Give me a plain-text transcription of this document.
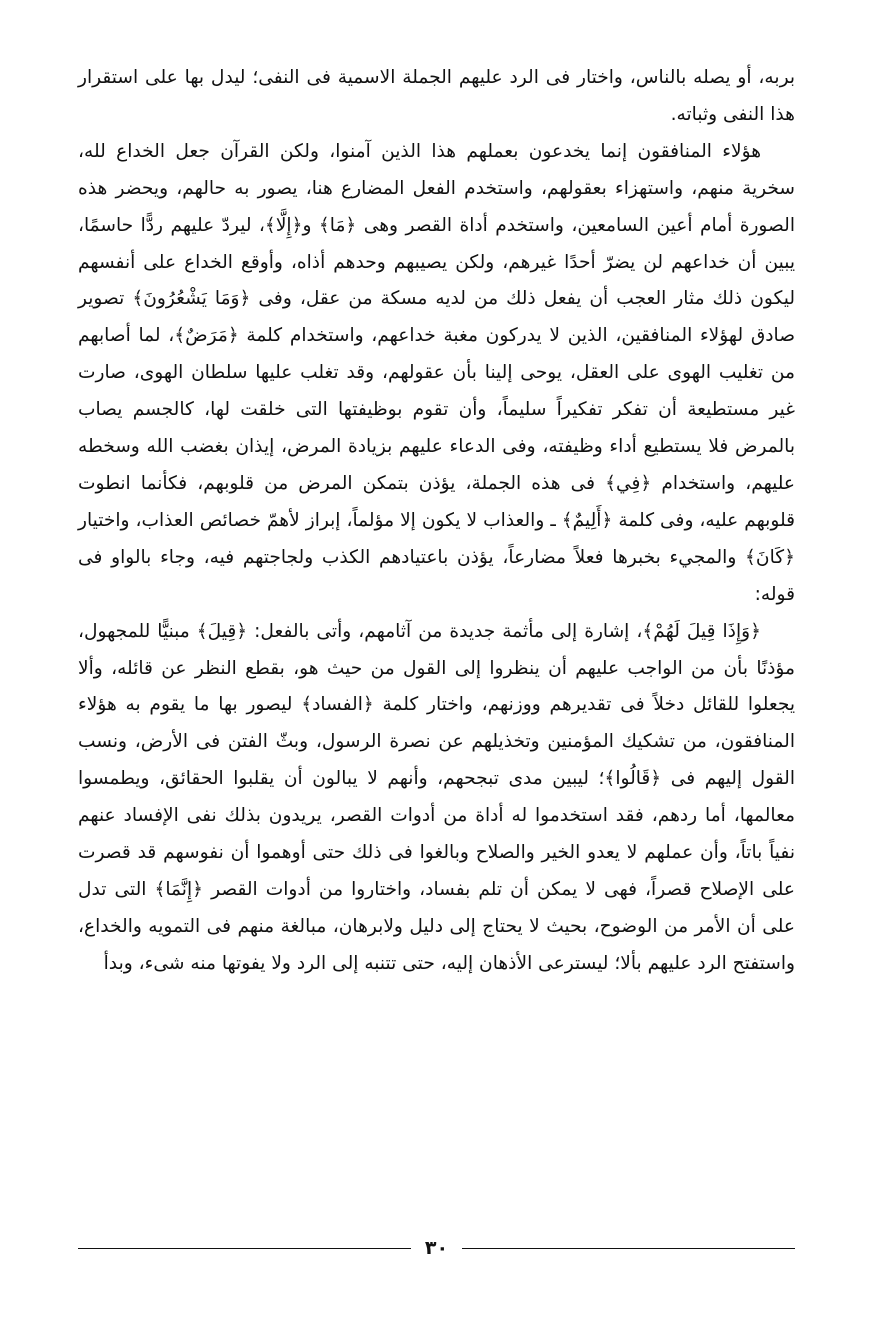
بربه، أو يصله بالناس، واختار فى الرد عليهم الجملة الاسمية فى النفى؛ ليدل بها على استقرار هذا النفى وثباته.

هؤلاء المنافقون إنما يخدعون بعملهم هذا الذين آمنوا، ولكن القرآن جعل الخداع لله، سخرية منهم، واستهزاء بعقولهم، واستخدم الفعل المضارع هنا، يصور به حالهم، ويحضر هذه الصورة أمام أعين السامعين، واستخدم أداة القصر وهى ﴿مَا﴾ و﴿إِلَّا﴾، ليردّ عليهم ردًّا حاسمًا، يبين أن خداعهم لن يضرّ أحدًا غيرهم، ولكن يصيبهم وحدهم أذاه، وأوقع الخداع على أنفسهم ليكون ذلك مثار العجب أن يفعل ذلك من لديه مسكة من عقل، وفى ﴿وَمَا يَشْعُرُونَ﴾ تصوير صادق لهؤلاء المنافقين، الذين لا يدركون مغبة خداعهم، واستخدام كلمة ﴿مَرَضٌ﴾، لما أصابهم من تغليب الهوى على العقل، يوحى إلينا بأن عقولهم، وقد تغلب عليها سلطان الهوى، صارت غير مستطيعة أن تفكر تفكيراً سليماً، وأن تقوم بوظيفتها التى خلقت لها، كالجسم يصاب بالمرض فلا يستطيع أداء وظيفته، وفى الدعاء عليهم بزيادة المرض، إيذان بغضب الله وسخطه عليهم، واستخدام ﴿فِي﴾ فى هذه الجملة، يؤذن بتمكن المرض من قلوبهم، فكأنما انطوت قلوبهم عليه، وفى كلمة ﴿أَلِيمٌ﴾ ـ والعذاب لا يكون إلا مؤلماً، إبراز لأهمّ خصائص العذاب، واختيار ﴿كَانَ﴾ والمجيء بخبرها فعلاً مضارعاً، يؤذن باعتيادهم الكذب ولجاجتهم فيه، وجاء بالواو فى قوله:

﴿وَإِذَا قِيلَ لَهُمْ﴾، إشارة إلى مأثمة جديدة من آثامهم، وأتى بالفعل: ﴿قِيلَ﴾ مبنيًّا للمجهول، مؤذنًا بأن من الواجب عليهم أن ينظروا إلى القول من حيث هو، بقطع النظر عن قائله، وألا يجعلوا للقائل دخلاً فى تقديرهم ووزنهم، واختار كلمة ﴿الفساد﴾ ليصور بها ما يقوم به هؤلاء المنافقون، من تشكيك المؤمنين وتخذيلهم عن نصرة الرسول، وبثّ الفتن فى الأرض، ونسب القول إليهم فى ﴿قَالُوا﴾؛ ليبين مدى تبجحهم، وأنهم لا يبالون أن يقلبوا الحقائق، ويطمسوا معالمها، أما ردهم، فقد استخدموا له أداة من أدوات القصر، يريدون بذلك نفى الإفساد عنهم نفياً باتاً، وأن عملهم لا يعدو الخير والصلاح وبالغوا فى ذلك حتى أوهموا أن نفوسهم قد قصرت على الإصلاح قصراً، فهى لا يمكن أن تلم بفساد، واختاروا من أدوات القصر ﴿إِنَّمَا﴾ التى تدل على أن الأمر من الوضوح، بحيث لا يحتاج إلى دليل ولابرهان، مبالغة منهم فى التمويه والخداع، واستفتح الرد عليهم بألا؛ ليسترعى الأذهان إليه، حتى تتنبه إلى الرد ولا يفوتها منه شىء، وبدأ

٣٠
